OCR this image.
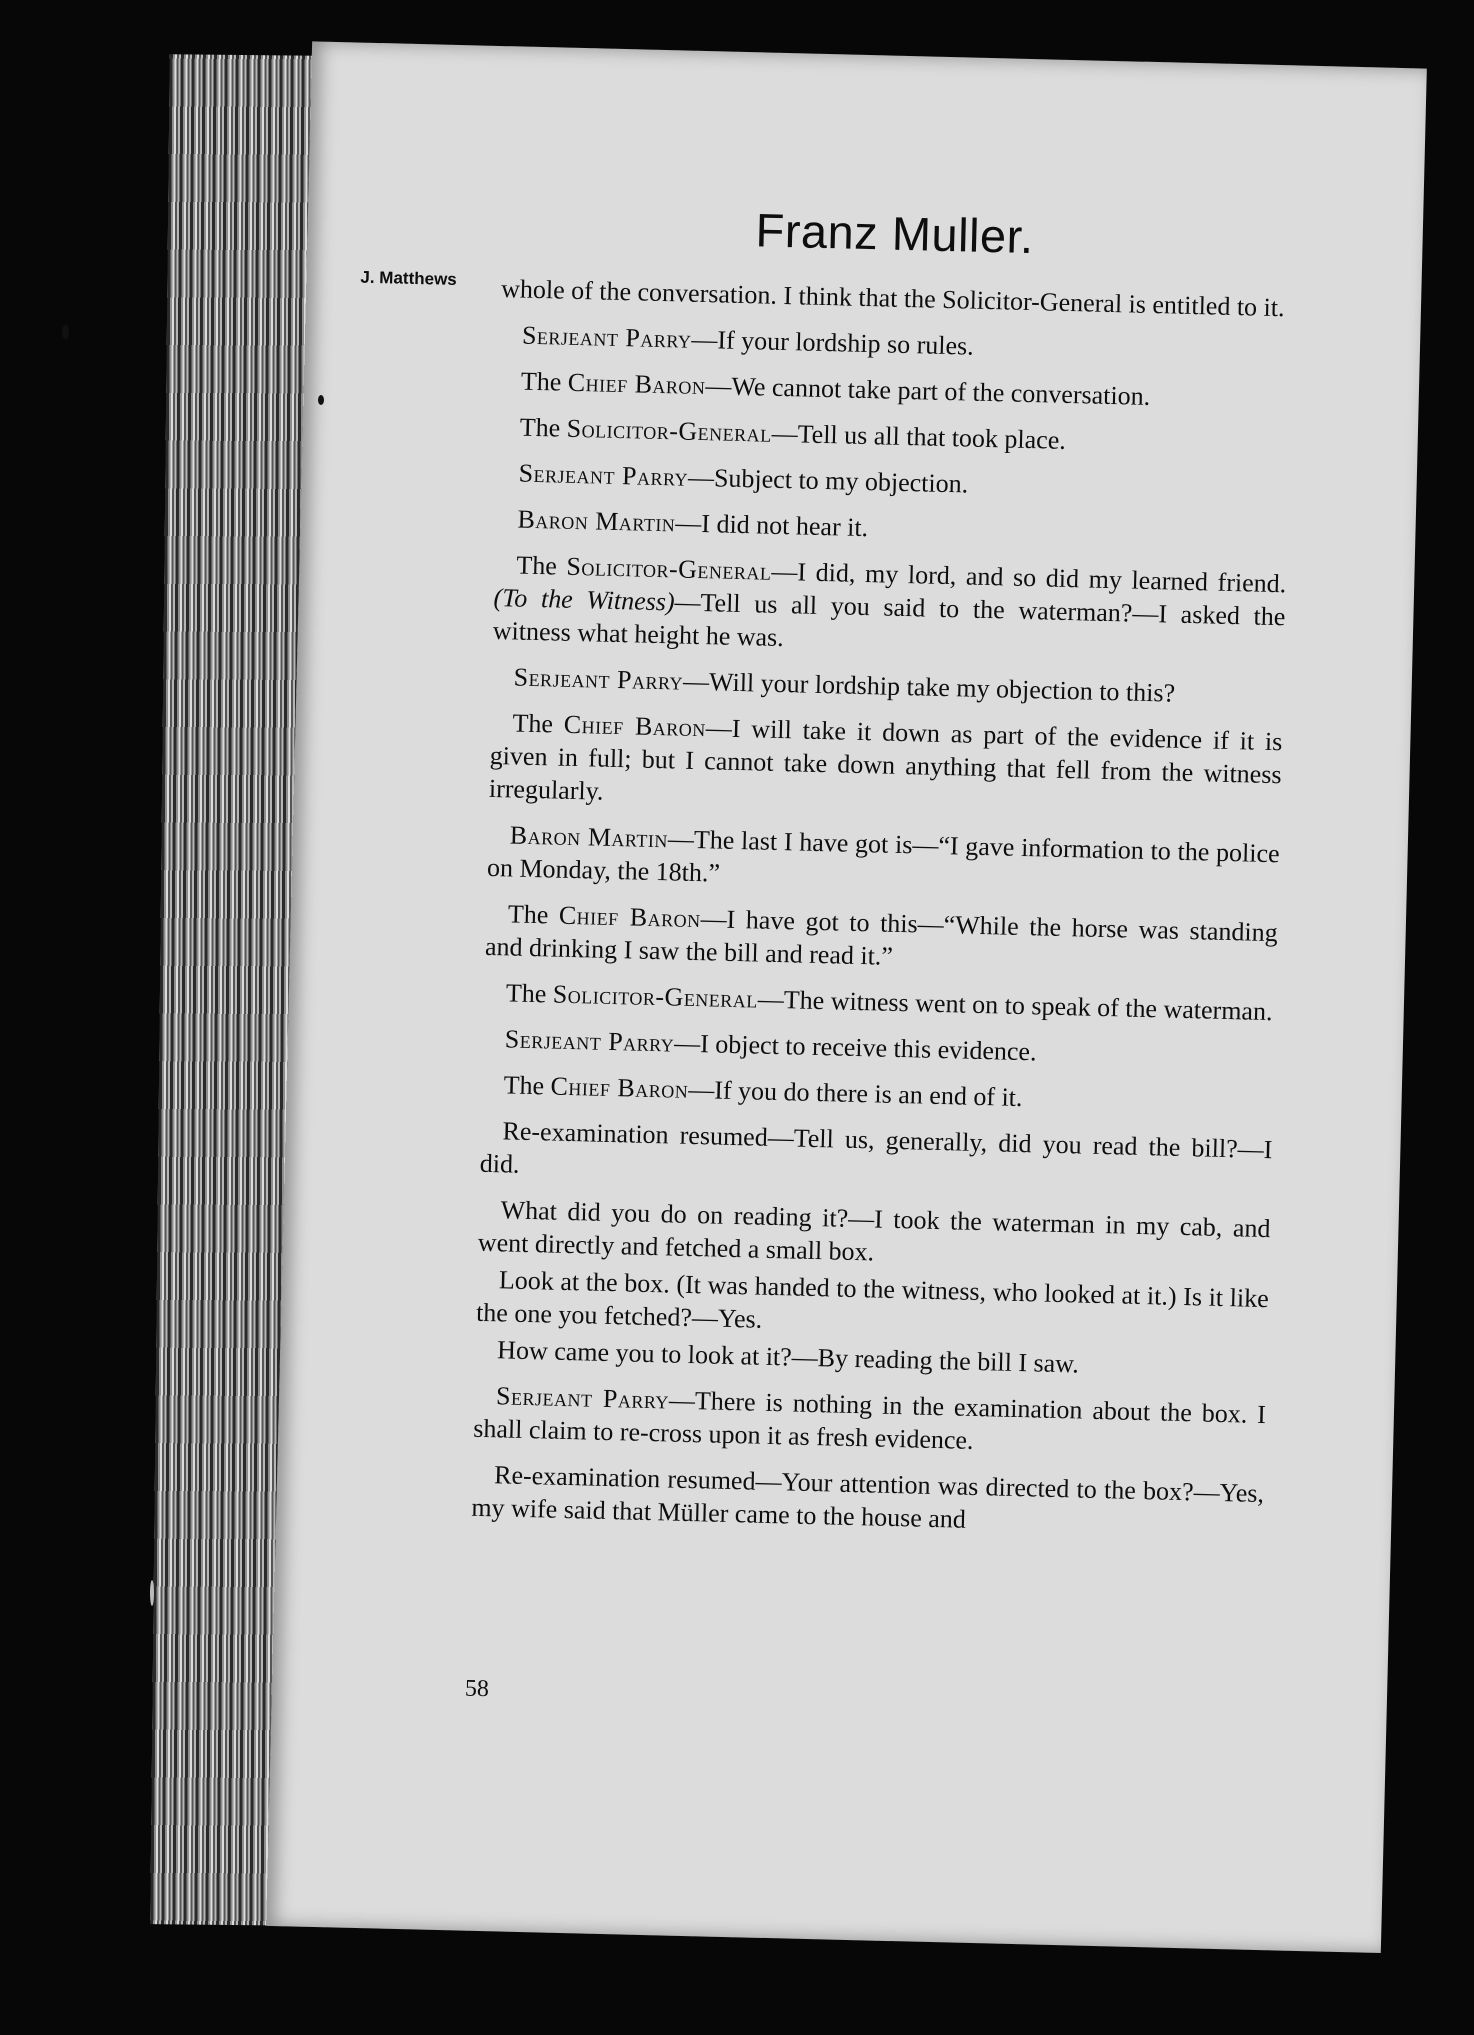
Franz Muller.
J. Matthews whole of the conversation. I think that the Solicitor-General is entitled to it.

Serjeant Parry—If your lordship so rules.

The Chief Baron—We cannot take part of the conversation.

The Solicitor-General—Tell us all that took place.

Serjeant Parry—Subject to my objection.

Baron Martin—I did not hear it.

The Solicitor-General—I did, my lord, and so did my learned friend. (To the Witness)—Tell us all you said to the waterman?—I asked the witness what height he was.

Serjeant Parry—Will your lordship take my objection to this?

The Chief Baron—I will take it down as part of the evidence if it is given in full; but I cannot take down anything that fell from the witness irregularly.

Baron Martin—The last I have got is—“I gave information to the police on Monday, the 18th.”

The Chief Baron—I have got to this—“While the horse was standing and drinking I saw the bill and read it.”

The Solicitor-General—The witness went on to speak of the waterman.

Serjeant Parry—I object to receive this evidence.

The Chief Baron—If you do there is an end of it.

Re-examination resumed—Tell us, generally, did you read the bill?—I did.

What did you do on reading it?—I took the waterman in my cab, and went directly and fetched a small box.

Look at the box. (It was handed to the witness, who looked at it.) Is it like the one you fetched?—Yes.

How came you to look at it?—By reading the bill I saw.

Serjeant Parry—There is nothing in the examination about the box. I shall claim to re-cross upon it as fresh evidence.

Re-examination resumed—Your attention was directed to the box?—Yes, my wife said that Müller came to the house and

58
